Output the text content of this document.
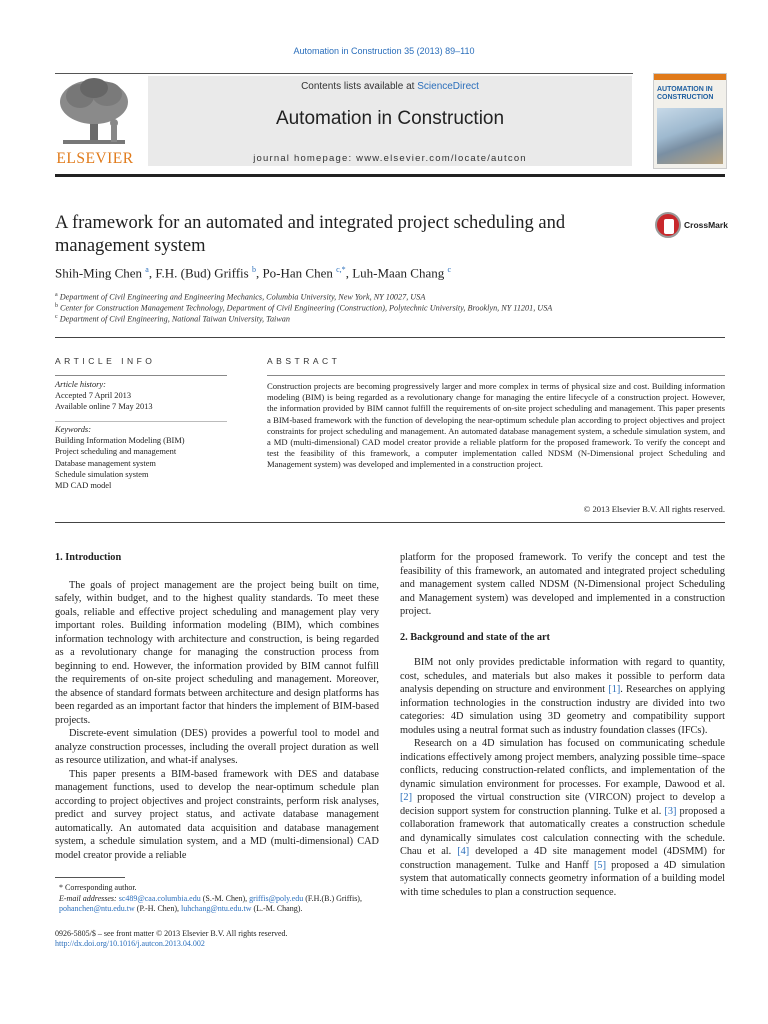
Automation in Construction 35 (2013) 89–110
ELSEVIER
Contents lists available at ScienceDirect
Automation in Construction
journal homepage: www.elsevier.com/locate/autcon
AUTOMATION IN CONSTRUCTION
A framework for an automated and integrated project scheduling and management system
CrossMark
Shih-Ming Chen $^a$, F.H. (Bud) Griffis $^b$, Po-Han Chen $^{c,*}$, Luh-Maan Chang $^c$
$^a$ Department of Civil Engineering and Engineering Mechanics, Columbia University, New York, NY 10027, USA
$^b$ Center for Construction Management Technology, Department of Civil Engineering (Construction), Polytechnic University, Brooklyn, NY 11201, USA
$^c$ Department of Civil Engineering, National Taiwan University, Taiwan
ARTICLE INFO
Article history:
Accepted 7 April 2013
Available online 7 May 2013
Keywords:
Building Information Modeling (BIM)
Project scheduling and management
Database management system
Schedule simulation system
MD CAD model
ABSTRACT
Construction projects are becoming progressively larger and more complex in terms of physical size and cost. Building information modeling (BIM) is being regarded as a revolutionary change for managing the entire lifecycle of a construction project. However, the information provided by BIM cannot fulfill the requirements of on-site project scheduling and management. This paper presents a BIM-based framework with the function of developing the near-optimum schedule plan according to project objectives and project constraints for project scheduling and management. An automated database management system, a schedule simulation system, and a MD (multi-dimensional) CAD model creator provide a reliable platform for the proposed framework. To verify the concept and test the feasibility of this framework, a computer implementation called NDSM (N-Dimensional project Scheduling and Management system) was developed and implemented in a construction project.
© 2013 Elsevier B.V. All rights reserved.
1. Introduction

The goals of project management are the project being built on time, safely, within budget, and to the highest quality standards. To meet these goals, reliable and effective project scheduling and management play very important roles. Building information modeling (BIM), which combines information technology with architecture and construction, is being regarded as a revolutionary change for managing the construction process from beginning to end. However, the information provided by BIM cannot fulfill the requirements of on-site project scheduling and management. Moreover, the absence of standard formats between architecture and design platforms has been regarded as an important factor that hinders the implement of BIM-based projects.

Discrete-event simulation (DES) provides a powerful tool to model and analyze construction processes, including the overall project duration as well as resource utilization, and what-if analyses.

This paper presents a BIM-based framework with DES and database management functions, used to develop the near-optimum schedule plan according to project objectives and project constraints, perform risk analyses, predict and survey project status, and activate database management automatically. An automated data acquisition and database management system, a schedule simulation system, and a MD (multi-dimensional) CAD model creator provide a reliable

* Corresponding author.
E-mail addresses: sc489@caa.columbia.edu (S.-M. Chen), griffis@poly.edu (F.H.(B.) Griffis), pohanchen@ntu.edu.tw (P.-H. Chen), luhchang@ntu.edu.tw (L.-M. Chang).
0926-5805/$ – see front matter © 2013 Elsevier B.V. All rights reserved.
http://dx.doi.org/10.1016/j.autcon.2013.04.002

platform for the proposed framework. To verify the concept and test the feasibility of this framework, an automated and integrated project scheduling and management system called NDSM (N-Dimensional project Scheduling and Management system) was developed and implemented in a construction project.

2. Background and state of the art

BIM not only provides predictable information with regard to quantity, cost, schedules, and materials but also makes it possible to perform data analysis depending on structure and environment [1]. Researches on applying information technologies in the construction industry are divided into two categories: 4D simulation using 3D geometry and compatibility support modules using a neutral format such as industry foundation classes (IFCs).

Research on a 4D simulation has focused on communicating schedule indications effectively among project members, analyzing possible time–space conflicts, reducing construction-related conflicts, and implementation of the dynamic simulation environment for processes. For example, Dawood et al. [2] proposed the virtual construction site (VIRCON) project to develop a decision support system for construction planning. Tulke et al. [3] proposed a collaboration framework that automatically creates a construction schedule and dynamically simulates cost calculation connecting with the schedule. Chau et al. [4] developed a 4D site management model (4DSMM) for construction management. Tulke and Hanff [5] proposed a 4D simulation system that automatically connects geometry information of a building model with time schedules to plan a construction sequence.
